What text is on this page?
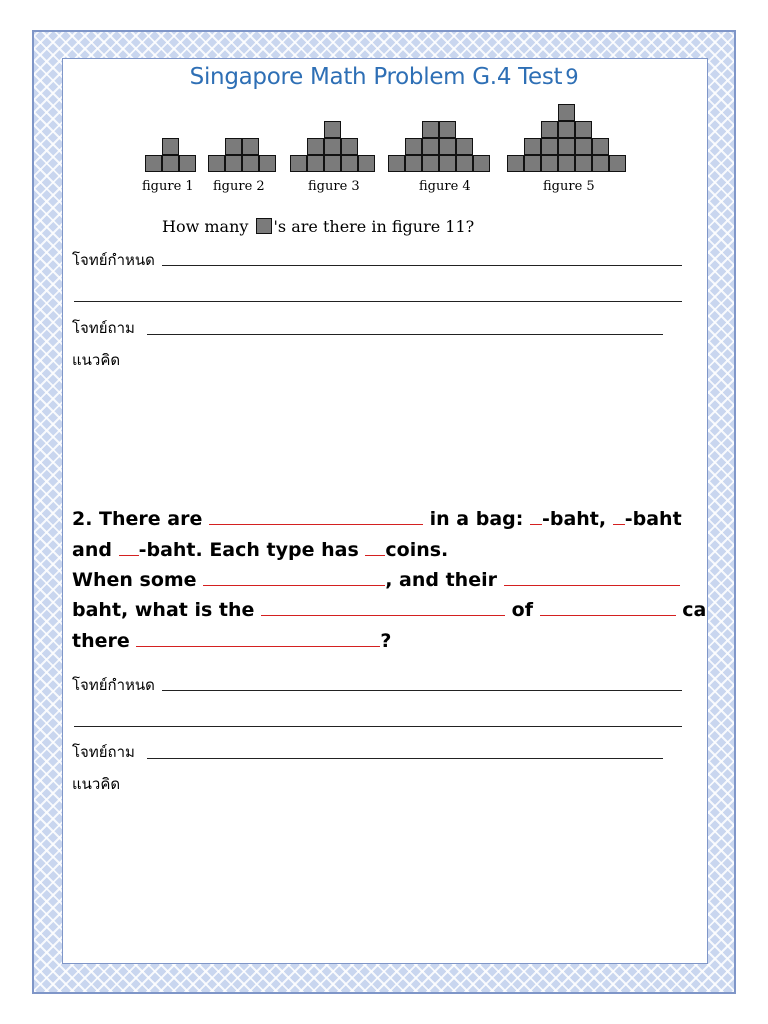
Singapore Math Problem G.4 Test 9
figure 1 figure 2	figure 3	figure 4	figure 5
How many 's are there in figure 11?
โจทย์กำหนด
โจทย์ถาม
แนวคิด
2. There are	in a bag: -baht, -baht
and -baht. Each type has coins.
When some	, and their
baht, what is the	of	ca
there	?
โจทย์กำหนด
โจทย์ถาม
แนวคิด
